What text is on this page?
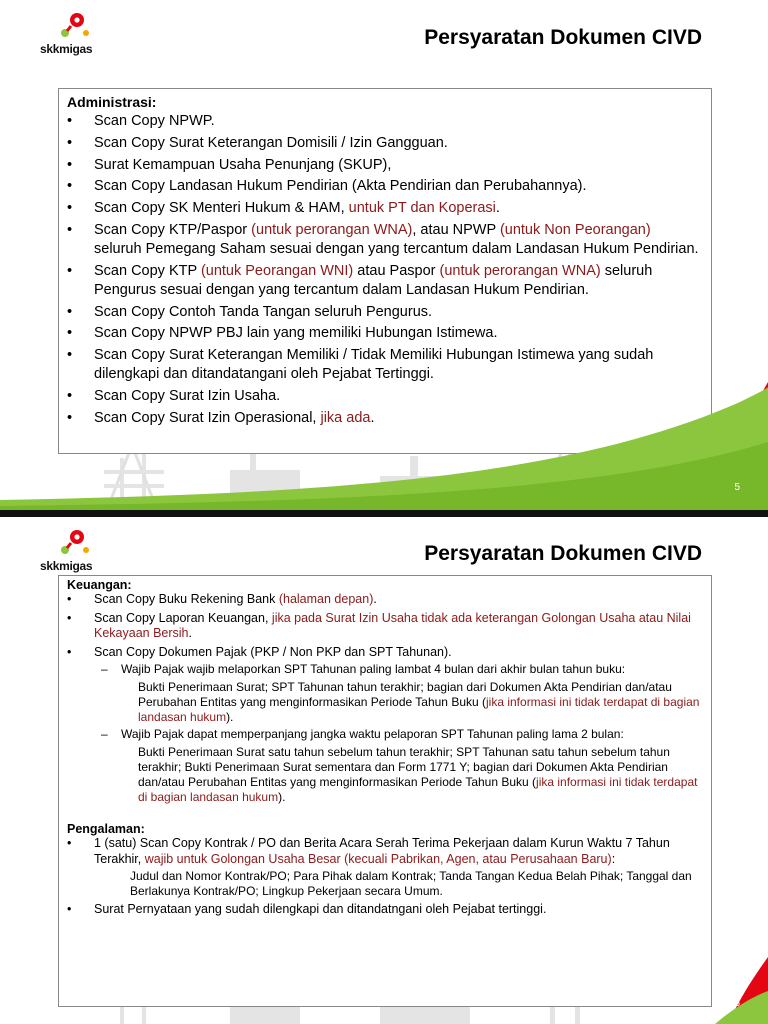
skkmigas	Persyaratan Dokumen CIVD
Administrasi:
• Scan Copy NPWP.
• Scan Copy Surat Keterangan Domisili / Izin Gangguan.
• Surat Kemampuan Usaha Penunjang (SKUP),
• Scan Copy Landasan Hukum Pendirian (Akta Pendirian dan Perubahannya).
• Scan Copy SK Menteri Hukum & HAM, untuk PT dan Koperasi.
• Scan Copy KTP/Paspor (untuk perorangan WNA), atau NPWP (untuk Non Peorangan) seluruh Pemegang Saham sesuai dengan yang tercantum dalam Landasan Hukum Pendirian.
• Scan Copy KTP (untuk Peorangan WNI) atau Paspor (untuk perorangan WNA) seluruh Pengurus sesuai dengan yang tercantum dalam Landasan Hukum Pendirian.
• Scan Copy Contoh Tanda Tangan seluruh Pengurus.
• Scan Copy NPWP PBJ lain yang memiliki Hubungan Istimewa.
• Scan Copy Surat Keterangan Memiliki / Tidak Memiliki Hubungan Istimewa yang sudah dilengkapi dan ditandatangani oleh Pejabat Tertinggi.
• Scan Copy Surat Izin Usaha.
• Scan Copy Surat Izin Operasional, jika ada.
5
skkmigas
Persyaratan Dokumen CIVD
Keuangan:
• Scan Copy Buku Rekening Bank (halaman depan).
• Scan Copy Laporan Keuangan, jika pada Surat Izin Usaha tidak ada keterangan Golongan Usaha atau Nilai Kekayaan Bersih.
• Scan Copy Dokumen Pajak (PKP / Non PKP dan SPT Tahunan).
– Wajib Pajak wajib melaporkan SPT Tahunan paling lambat 4 bulan dari akhir bulan tahun buku:
Bukti Penerimaan Surat; SPT Tahunan tahun terakhir; bagian dari Dokumen Akta Pendirian dan/atau Perubahan Entitas yang menginformasikan Periode Tahun Buku (jika informasi ini tidak terdapat di bagian landasan hukum).
– Wajib Pajak dapat memperpanjang jangka waktu pelaporan SPT Tahunan paling lama 2 bulan:
Bukti Penerimaan Surat satu tahun sebelum tahun terakhir; SPT Tahunan satu tahun sebelum tahun terakhir; Bukti Penerimaan Surat sementara dan Form 1771 Y; bagian dari Dokumen Akta Pendirian dan/atau Perubahan Entitas yang menginformasikan Periode Tahun Buku (jika informasi ini tidak terdapat di bagian landasan hukum).
Pengalaman:
• 1 (satu) Scan Copy Kontrak / PO dan Berita Acara Serah Terima Pekerjaan dalam Kurun Waktu 7 Tahun Terakhir, wajib untuk Golongan Usaha Besar (kecuali Pabrikan, Agen, atau Perusahaan Baru):
Judul dan Nomor Kontrak/PO; Para Pihak dalam Kontrak; Tanda Tangan Kedua Belah Pihak; Tanggal dan Berlakunya Kontrak/PO; Lingkup Pekerjaan secara Umum.
• Surat Pernyataan yang sudah dilengkapi dan ditandatngani oleh Pejabat tertinggi.
6
